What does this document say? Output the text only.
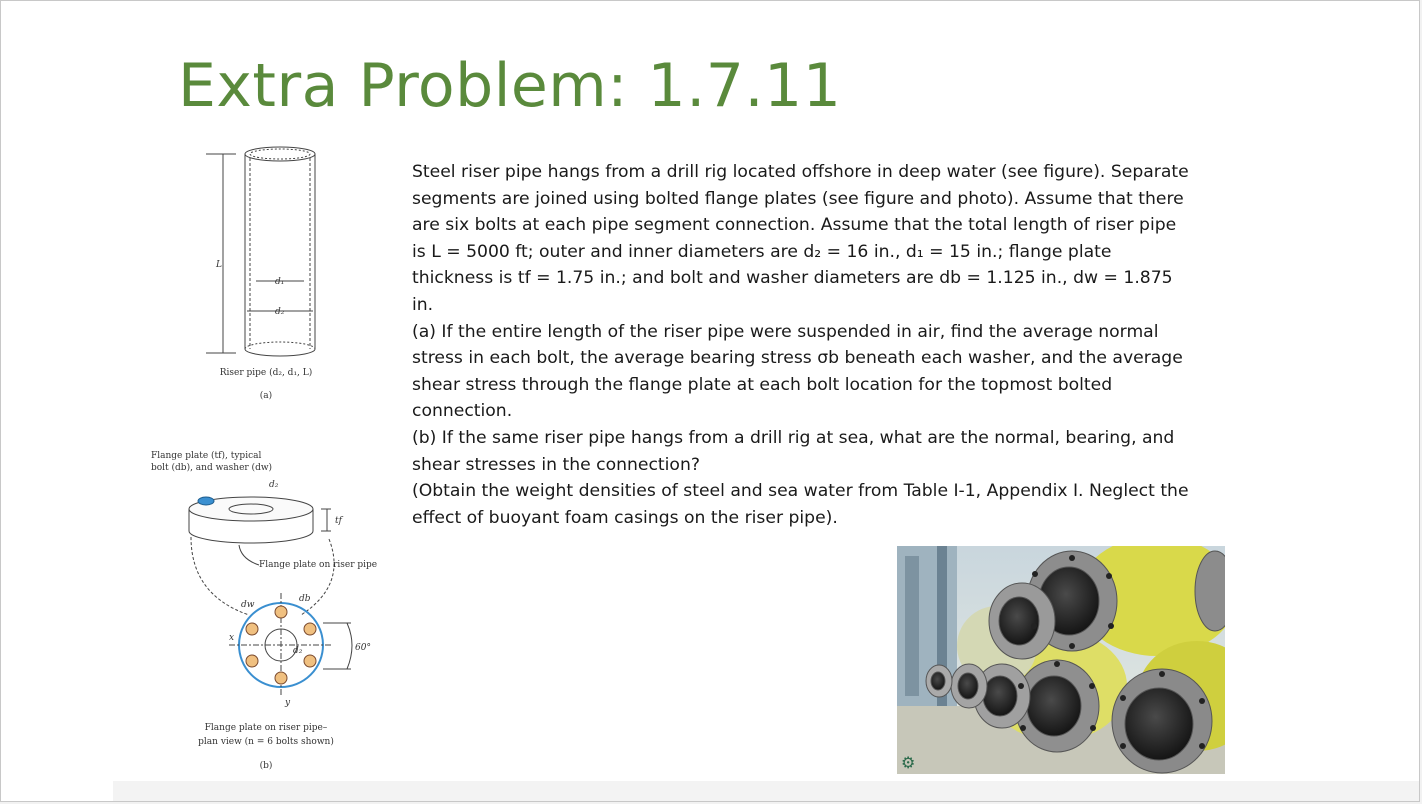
Extra Problem: 1.7.11

Steel riser pipe hangs from a drill rig located offshore in deep water (see figure). Separate segments are joined using bolted flange plates (see figure and photo). Assume that there are six bolts at each pipe segment connection. Assume that the total length of riser pipe is L = 5000 ft; outer and inner diameters are d₂ = 16 in., d₁ = 15 in.; flange plate thickness is tf = 1.75 in.; and bolt and washer diameters are db = 1.125 in., dw = 1.875 in.

(a) If the entire length of the riser pipe were suspended in air, find the average normal stress in each bolt, the average bearing stress σb beneath each washer, and the average shear stress through the flange plate at each bolt location for the topmost bolted connection.

(b) If the same riser pipe hangs from a drill rig at sea, what are the normal, bearing, and shear stresses in the connection?

(Obtain the weight densities of steel and sea water from Table I-1, Appendix I. Neglect the effect of buoyant foam casings on the riser pipe).

L
d₁
d₂
Riser pipe (d₂, d₁, L)
(a)
Flange plate (tf), typical
bolt (db), and washer (dw)
d₂
tf
dw
db
d₂
x
y
60°
Flange plate on riser pipe
Flange plate on riser pipe–
plan view (n = 6 bolts shown)
(b)	⚙
